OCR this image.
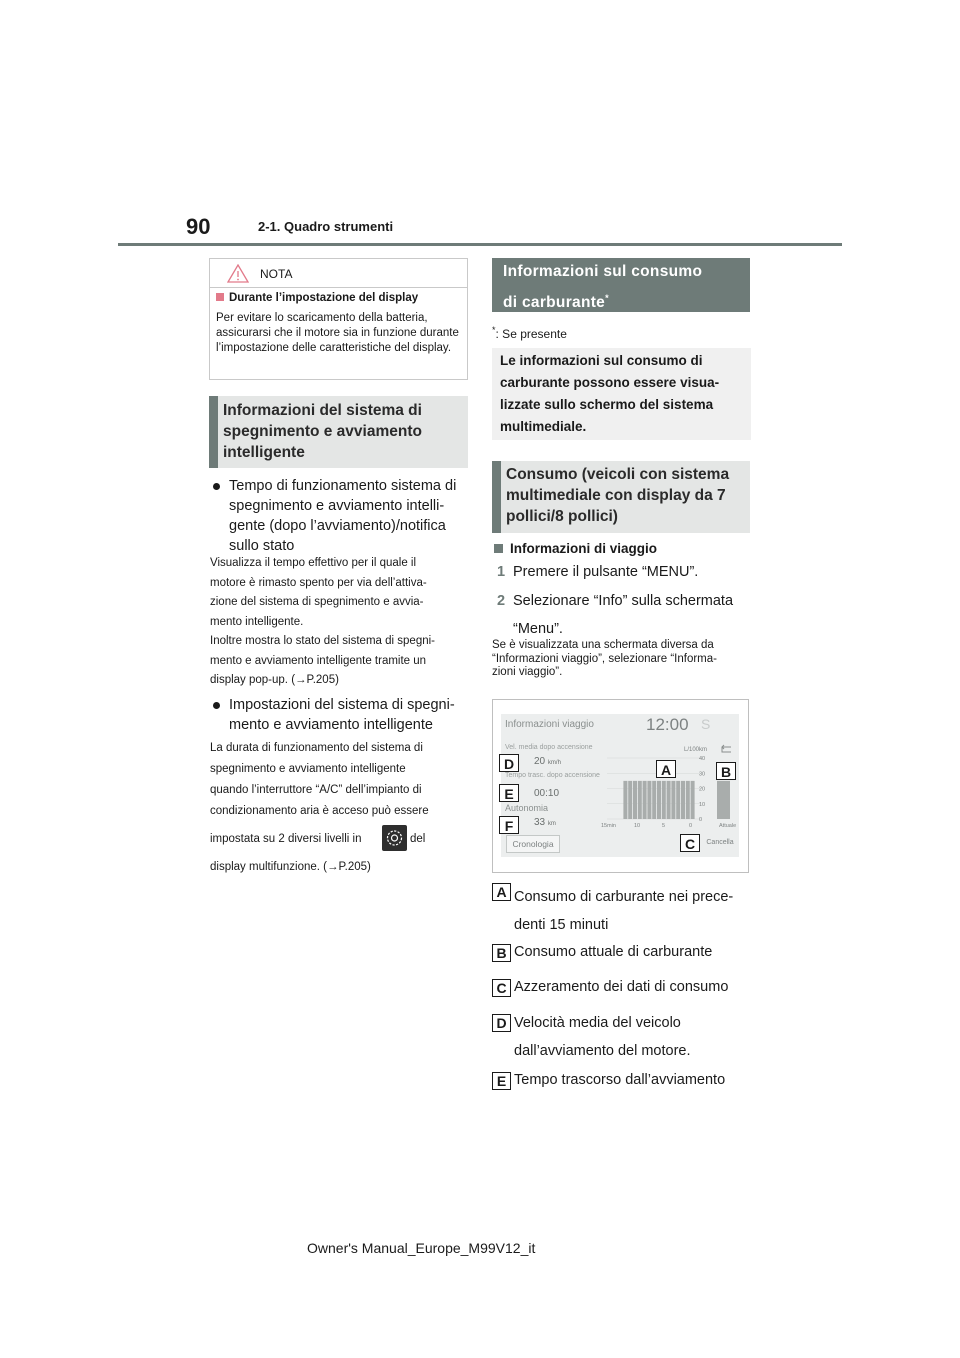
90	2-1. Quadro strumenti
NOTA
Durante l’impostazione del display
Per evitare lo scaricamento della batteria, assicurarsi che il motore sia in funzione durante l’impostazione delle caratteristiche del display.
Informazioni del sistema di spegnimento e avviamento intelligente
Tempo di funzionamento sistema di
spegnimento e avviamento intelli-
gente (dopo l’avviamento)/notifica
sullo stato
Visualizza il tempo effettivo per il quale il
motore è rimasto spento per via dell’attiva-
zione del sistema di spegnimento e avvia-
mento intelligente.
Inoltre mostra lo stato del sistema di spegni-
mento e avviamento intelligente tramite un
display pop-up. (→P.205)
Impostazioni del sistema di spegni-
mento e avviamento intelligente
La durata di funzionamento del sistema di
spegnimento e avviamento intelligente
quando l’interruttore “A/C” dell’impianto di
condizionamento aria è acceso può essere
impostata su 2 diversi livelli in	del
display multifunzione. (→P.205)
Informazioni sul consumo
di carburante*
*: Se presente
Le informazioni sul consumo di
carburante possono essere visua-
lizzate sullo schermo del sistema
multimediale.
Consumo (veicoli con sistema
multimediale con display da 7
pollici/8 pollici)
Informazioni di viaggio
1 Premere il pulsante “MENU”.
2 Selezionare “Info” sulla schermata
“Menu”.
Se è visualizzata una schermata diversa da
“Informazioni viaggio”, selezionare “Informa-
zioni viaggio”.
Informazioni viaggio	12:00 S
Vel. media dopo accensione
20 km/h
Tempo trasc. dopo accensione
00:10
Autonomia
33 km
Cronologia	Cancella
L/100km
40
30
20
10
0
15min	10	5	0	Attuale
D
E
F
A	B
C
A Consumo di carburante nei prece-
denti 15 minuti
B Consumo attuale di carburante
C Azzeramento dei dati di consumo
D Velocità media del veicolo
dall’avviamento del motore.
E Tempo trascorso dall’avviamento
Owner's Manual_Europe_M99V12_it
